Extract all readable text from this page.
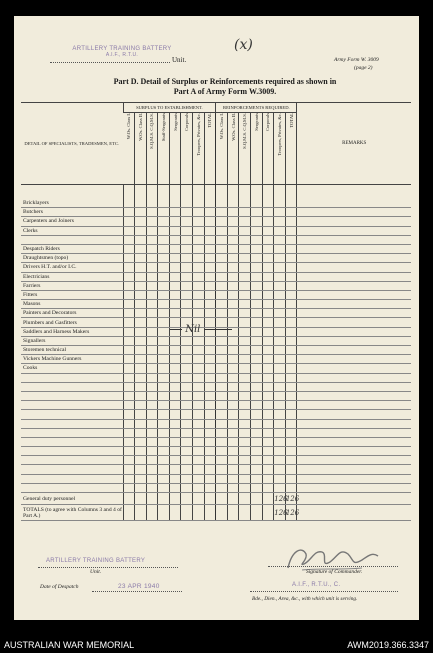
ARTILLERY TRAINING BATTERY
A.I.F., R.T.U.
Unit.
(x)
Army Form W. 3009
(page 2)
Part D. Detail of Surplus or Reinforcements required as shown in
Part A of Army Form W.3009.
DETAIL OF SPECIALISTS, TRADESMEN, ETC.	SURPLUS TO ESTABLISHMENT.								REINFORCEMENTS REQUIRED.							REMARKS

	W.Os. Class I.	W.Os. Class II.	S.Q.M.S. C.Q.M.S.	Staff-Sergeants	Sergeants	Corporals	Troopers, Privates, &c.	TOTAL	W.Os. Class I.	W.Os. Class II.	S.Q.M.S. C.Q.M.S.	Sergeants	Corporals	Troopers, Privates, &c.	TOTAL	

Bricklayers																
Butchers																
Carpenters and Joiners																
Clerks																

Despatch Riders																
Draughtsmen (topo)																
Drivers H.T. and/or I.C.																
Electricians																
Farriers																
Fitters																
Masons																
Painters and Decorators																
Plumbers and Gasfitters																
Saddlers and Harness Makers																
Signallers																
Storemen technical																
Vickers Machine Gunners																
Cooks																

General duty personnel														126	126	
TOTALS (to agree with Columns 3 and 4 of Part A.)														126	126	
Nil
ARTILLERY TRAINING BATTERY
Unit.	Signature of Commander.
Date of Despatch	23 APR 1940	A.I.F., R.T.U., C.
Bde., Dien., Area, &c., with which unit is serving.
AUSTRALIAN WAR MEMORIAL	AWM2019.366.3347
